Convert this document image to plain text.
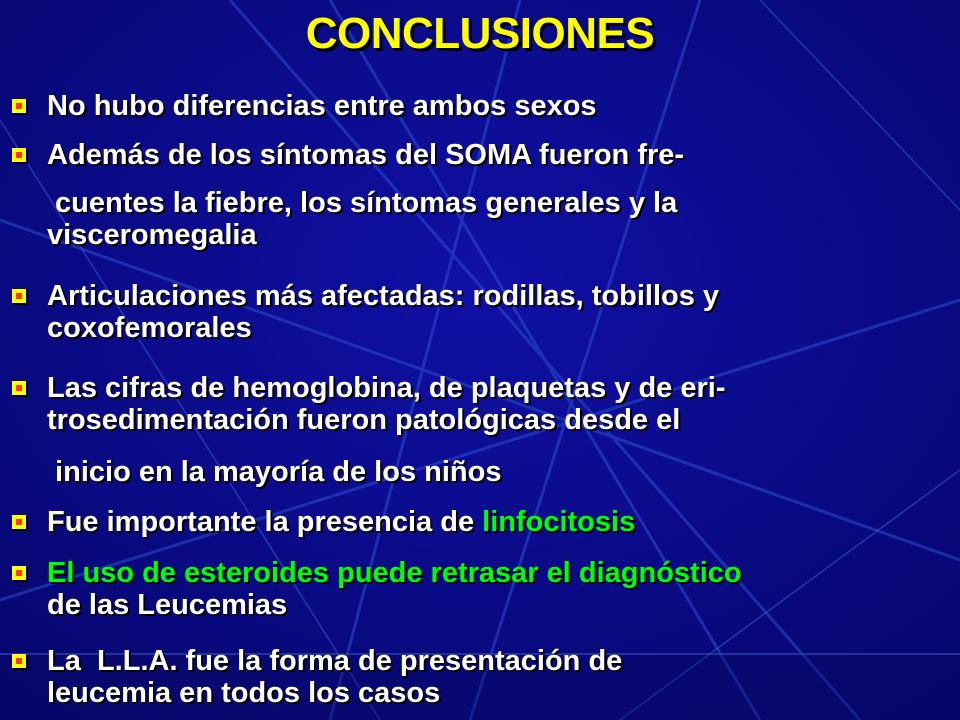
CONCLUSIONES
No hubo diferencias entre ambos sexos
Además de los síntomas del SOMA fueron fre-
cuentes la fiebre, los síntomas generales y la
visceromegalia
Articulaciones más afectadas: rodillas, tobillos y
coxofemorales
Las cifras de hemoglobina, de plaquetas y de eri-
trosedimentación fueron patológicas desde el
inicio en la mayoría de los niños
Fue importante la presencia de linfocitosis
El uso de esteroides puede retrasar el diagnóstico
de las Leucemias
La  L.L.A. fue la forma de presentación de
leucemia en todos los casos
